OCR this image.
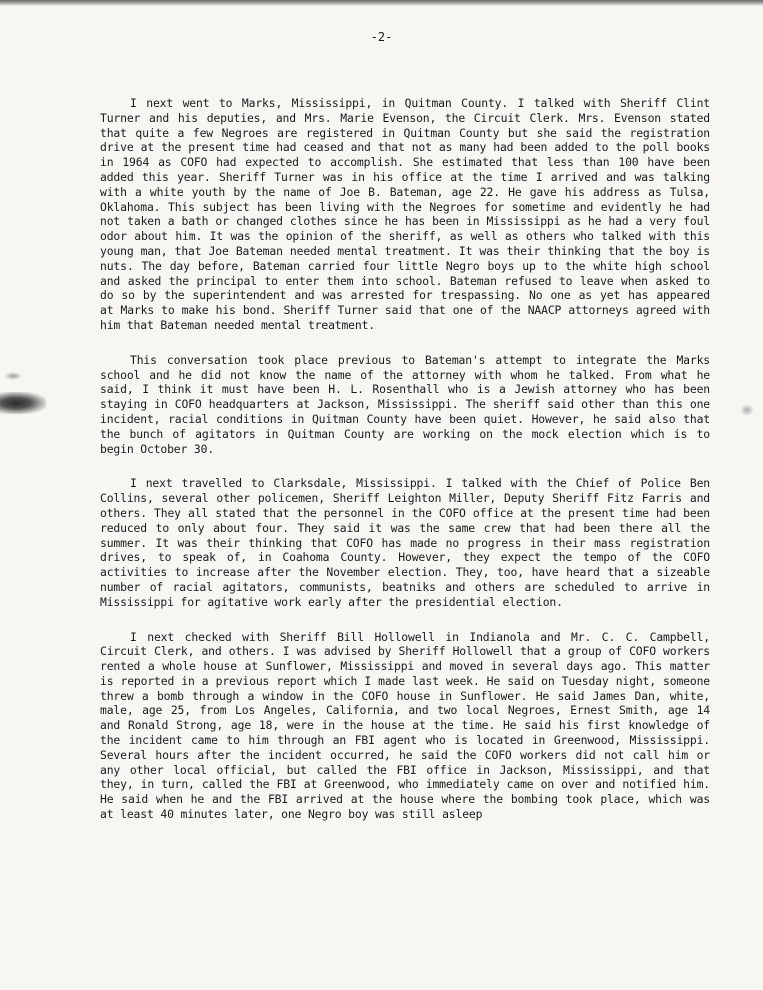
-2-

I next went to Marks, Mississippi, in Quitman County. I talked with Sheriff Clint Turner and his deputies, and Mrs. Marie Evenson, the Circuit Clerk. Mrs. Evenson stated that quite a few Negroes are registered in Quitman County but she said the registration drive at the present time had ceased and that not as many had been added to the poll books in 1964 as COFO had expected to accomplish. She estimated that less than 100 have been added this year. Sheriff Turner was in his office at the time I arrived and was talking with a white youth by the name of Joe B. Bateman, age 22. He gave his address as Tulsa, Oklahoma. This subject has been living with the Negroes for sometime and evidently he had not taken a bath or changed clothes since he has been in Mississippi as he had a very foul odor about him. It was the opinion of the sheriff, as well as others who talked with this young man, that Joe Bateman needed mental treatment. It was their thinking that the boy is nuts. The day before, Bateman carried four little Negro boys up to the white high school and asked the principal to enter them into school. Bateman refused to leave when asked to do so by the superintendent and was arrested for trespassing. No one as yet has appeared at Marks to make his bond. Sheriff Turner said that one of the NAACP attorneys agreed with him that Bateman needed mental treatment.

This conversation took place previous to Bateman's attempt to integrate the Marks school and he did not know the name of the attorney with whom he talked. From what he said, I think it must have been H. L. Rosenthall who is a Jewish attorney who has been staying in COFO headquarters at Jackson, Mississippi. The sheriff said other than this one incident, racial conditions in Quitman County have been quiet. However, he said also that the bunch of agitators in Quitman County are working on the mock election which is to begin October 30.

I next travelled to Clarksdale, Mississippi. I talked with the Chief of Police Ben Collins, several other policemen, Sheriff Leighton Miller, Deputy Sheriff Fitz Farris and others. They all stated that the personnel in the COFO office at the present time had been reduced to only about four. They said it was the same crew that had been there all the summer. It was their thinking that COFO has made no progress in their mass registration drives, to speak of, in Coahoma County. However, they expect the tempo of the COFO activities to increase after the November election. They, too, have heard that a sizeable number of racial agitators, communists, beatniks and others are scheduled to arrive in Mississippi for agitative work early after the presidential election.

I next checked with Sheriff Bill Hollowell in Indianola and Mr. C. C. Campbell, Circuit Clerk, and others. I was advised by Sheriff Hollowell that a group of COFO workers rented a whole house at Sunflower, Mississippi and moved in several days ago. This matter is reported in a previous report which I made last week. He said on Tuesday night, someone threw a bomb through a window in the COFO house in Sunflower. He said James Dan, white, male, age 25, from Los Angeles, California, and two local Negroes, Ernest Smith, age 14 and Ronald Strong, age 18, were in the house at the time. He said his first knowledge of the incident came to him through an FBI agent who is located in Greenwood, Mississippi. Several hours after the incident occurred, he said the COFO workers did not call him or any other local official, but called the FBI office in Jackson, Mississippi, and that they, in turn, called the FBI at Greenwood, who immediately came on over and notified him. He said when he and the FBI arrived at the house where the bombing took place, which was at least 40 minutes later, one Negro boy was still asleep
